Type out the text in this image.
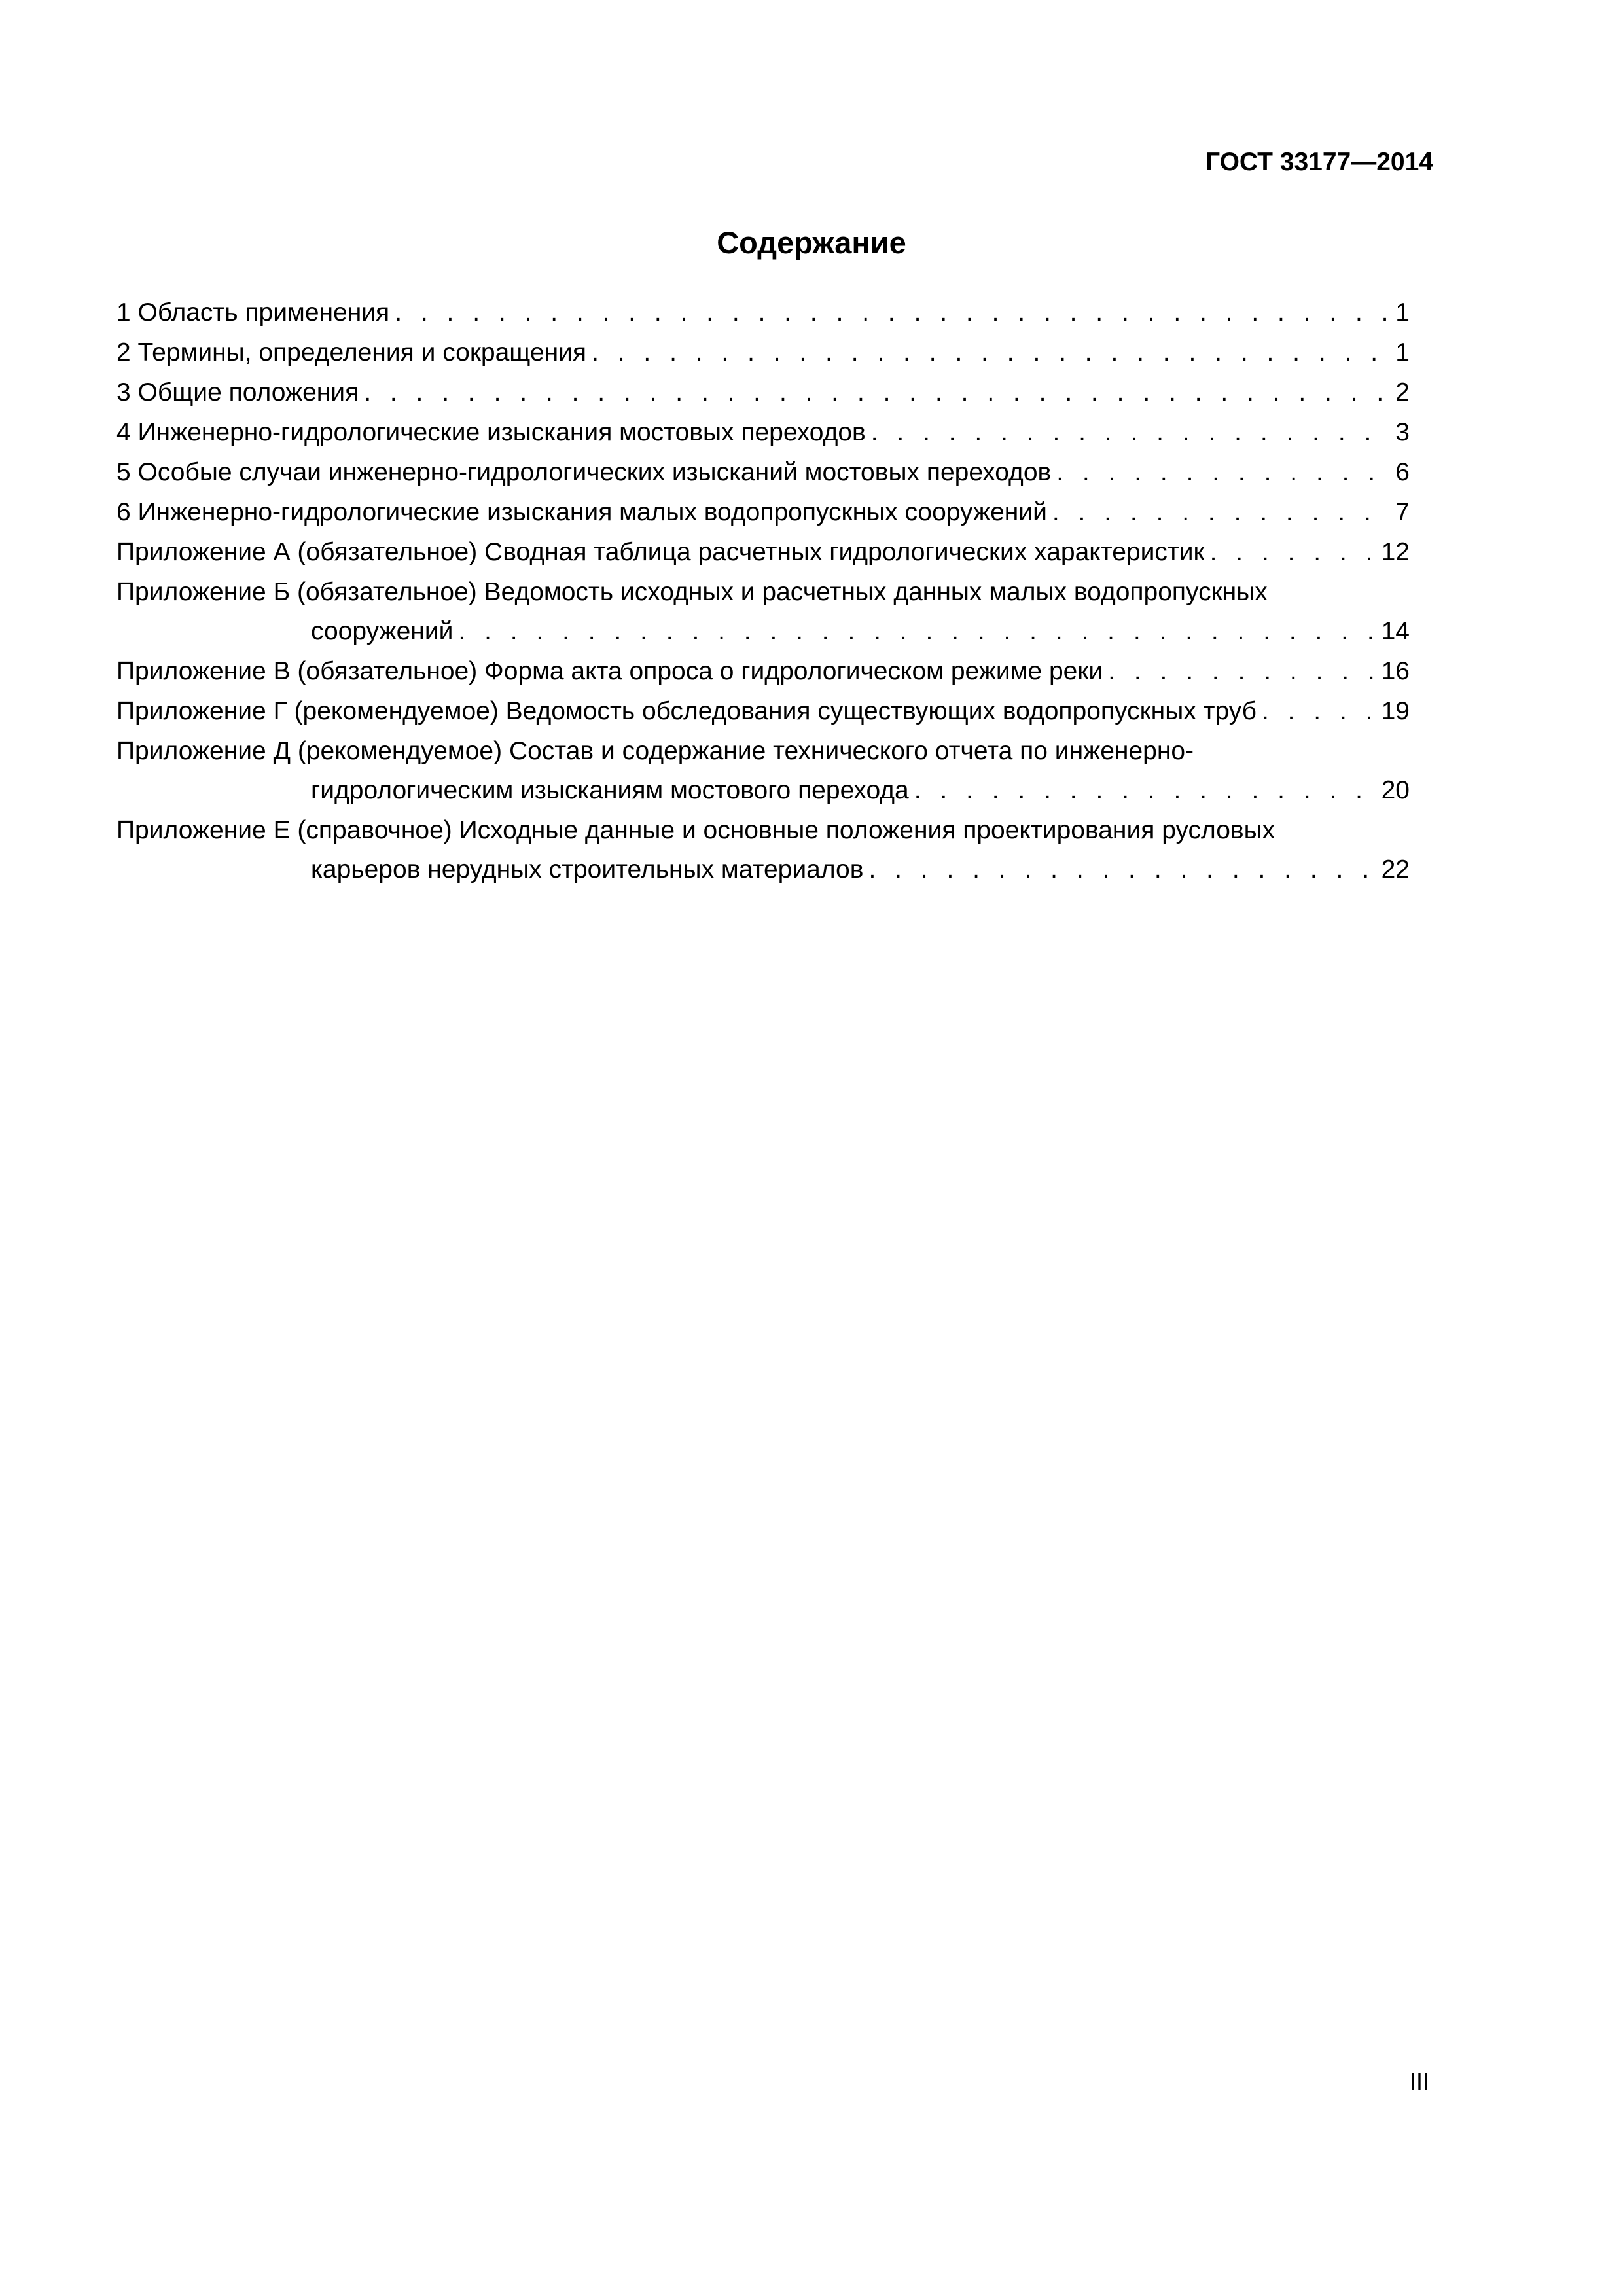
ГОСТ 33177—2014
Содержание
1 Область применения . . .	1
2 Термины, определения и сокращения . . .	1
3 Общие положения . . .	2
4 Инженерно-гидрологические изыскания мостовых переходов . . .	3
5 Особые случаи инженерно-гидрологических изысканий мостовых переходов . . .	6
6 Инженерно-гидрологические изыскания малых водопропускных сооружений . . .	7
Приложение А (обязательное) Сводная таблица расчетных гидрологических характеристик . . .	12
Приложение Б (обязательное) Ведомость исходных и расчетных данных малых водопропускных
сооружений . . .	14
Приложение В (обязательное) Форма акта опроса о гидрологическом режиме реки . . .	16
Приложение Г (рекомендуемое) Ведомость обследования существующих водопропускных труб . . .	19
Приложение Д (рекомендуемое) Состав и содержание технического отчета по инженерно-
гидрологическим изысканиям мостового перехода . . .	20
Приложение Е (справочное) Исходные данные и основные положения проектирования русловых
карьеров нерудных строительных материалов . . .	22
III
